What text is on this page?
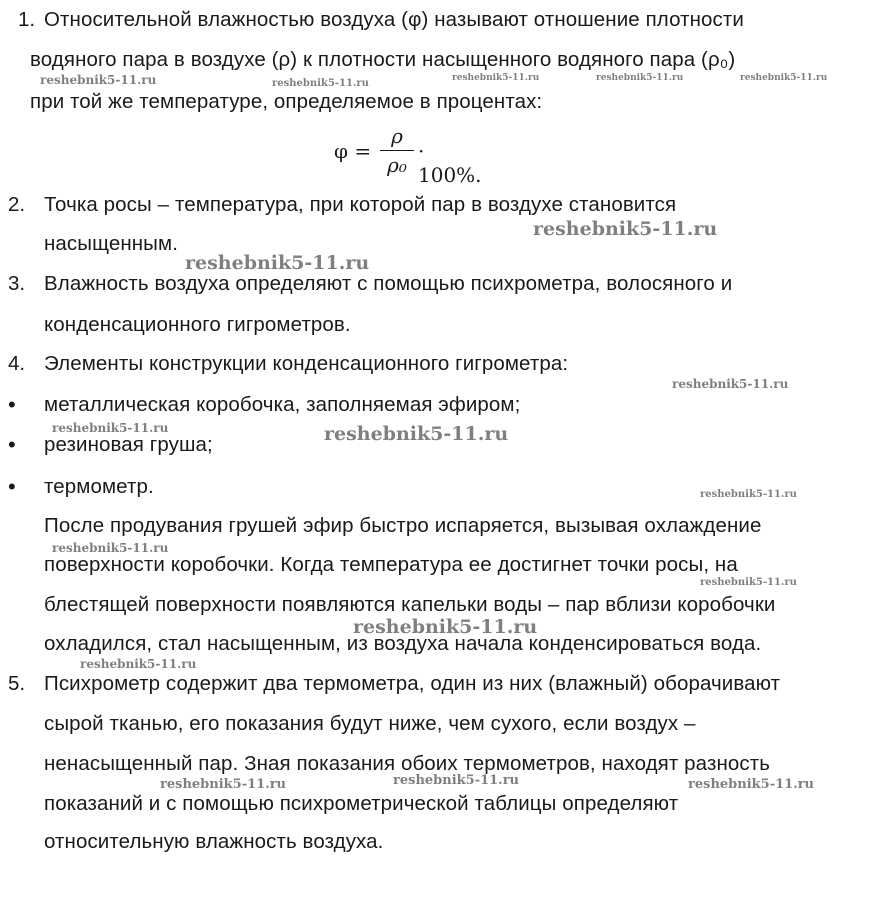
1. Относительной влажностью воздуха (φ) называют отношение плотности
водяного пара в воздухе (ρ) к плотности насыщенного водяного пара (ρ₀)
при той же температуре, определяемое в процентах:
φ =
ρ
ρ₀
· 100%.
2. Точка росы – температура, при которой пар в воздухе становится
насыщенным.
3. Влажность воздуха определяют с помощью психрометра, волосяного и
конденсационного гигрометров.
4. Элементы конструкции конденсационного гигрометра:
• металлическая коробочка, заполняемая эфиром;
• резиновая груша;
• термометр.
После продувания грушей эфир быстро испаряется, вызывая охлаждение
поверхности коробочки. Когда температура ее достигнет точки росы, на
блестящей поверхности появляются капельки воды – пар вблизи коробочки
охладился, стал насыщенным, из воздуха начала конденсироваться вода.
5. Психрометр содержит два термометра, один из них (влажный) оборачивают
сырой тканью, его показания будут ниже, чем сухого, если воздух –
ненасыщенный пар. Зная показания обоих термометров, находят разность
показаний и с помощью психрометрической таблицы определяют
относительную влажность воздуха.
reshebnik5-11.ru	reshebnik5-11.ru	reshebnik5-11.ru	reshebnik5-11.ru	reshebnik5-11.ru
reshebnik5-11.ru
reshebnik5-11.ru
reshebnik5-11.ru
reshebnik5-11.ru	reshebnik5-11.ru
reshebnik5-11.ru
reshebnik5-11.ru
reshebnik5-11.ru
reshebnik5-11.ru
reshebnik5-11.ru
reshebnik5-11.ru	reshebnik5-11.ru	reshebnik5-11.ru
